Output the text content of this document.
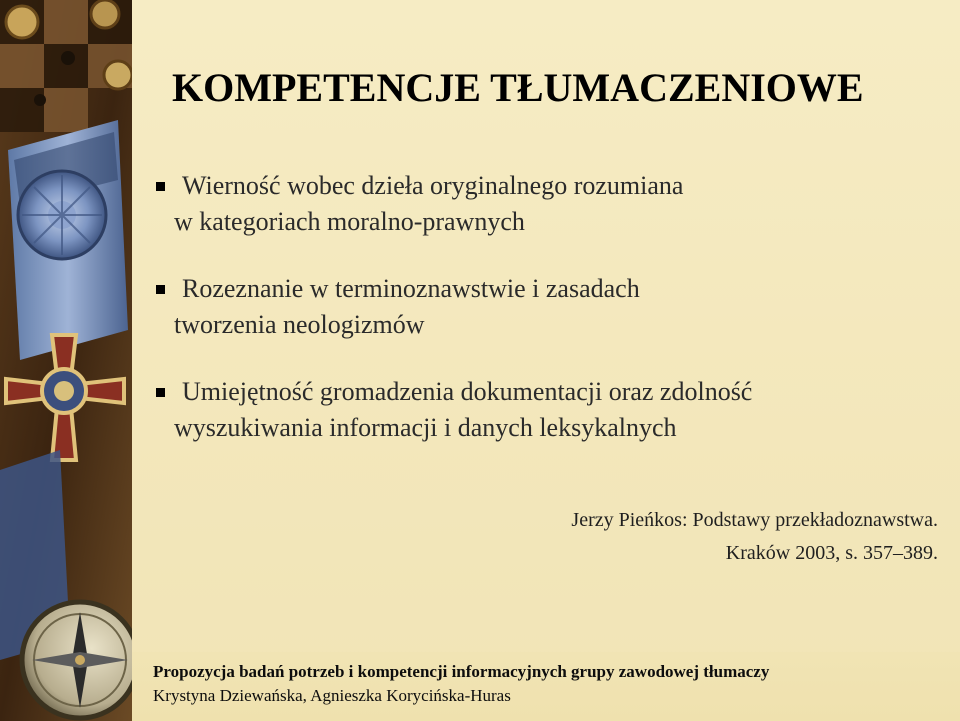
KOMPETENCJE TŁUMACZENIOWE
Wierność wobec dzieła oryginalnego rozumiana
w kategoriach moralno-prawnych
Rozeznanie w terminoznawstwie i zasadach
tworzenia neologizmów
Umiejętność gromadzenia dokumentacji oraz zdolność
wyszukiwania informacji i danych leksykalnych
Jerzy Pieńkos: Podstawy przekładoznawstwa.
Kraków 2003, s. 357–389.
Propozycja badań potrzeb i kompetencji informacyjnych grupy zawodowej tłumaczy
Krystyna Dziewańska, Agnieszka Korycińska-Huras
